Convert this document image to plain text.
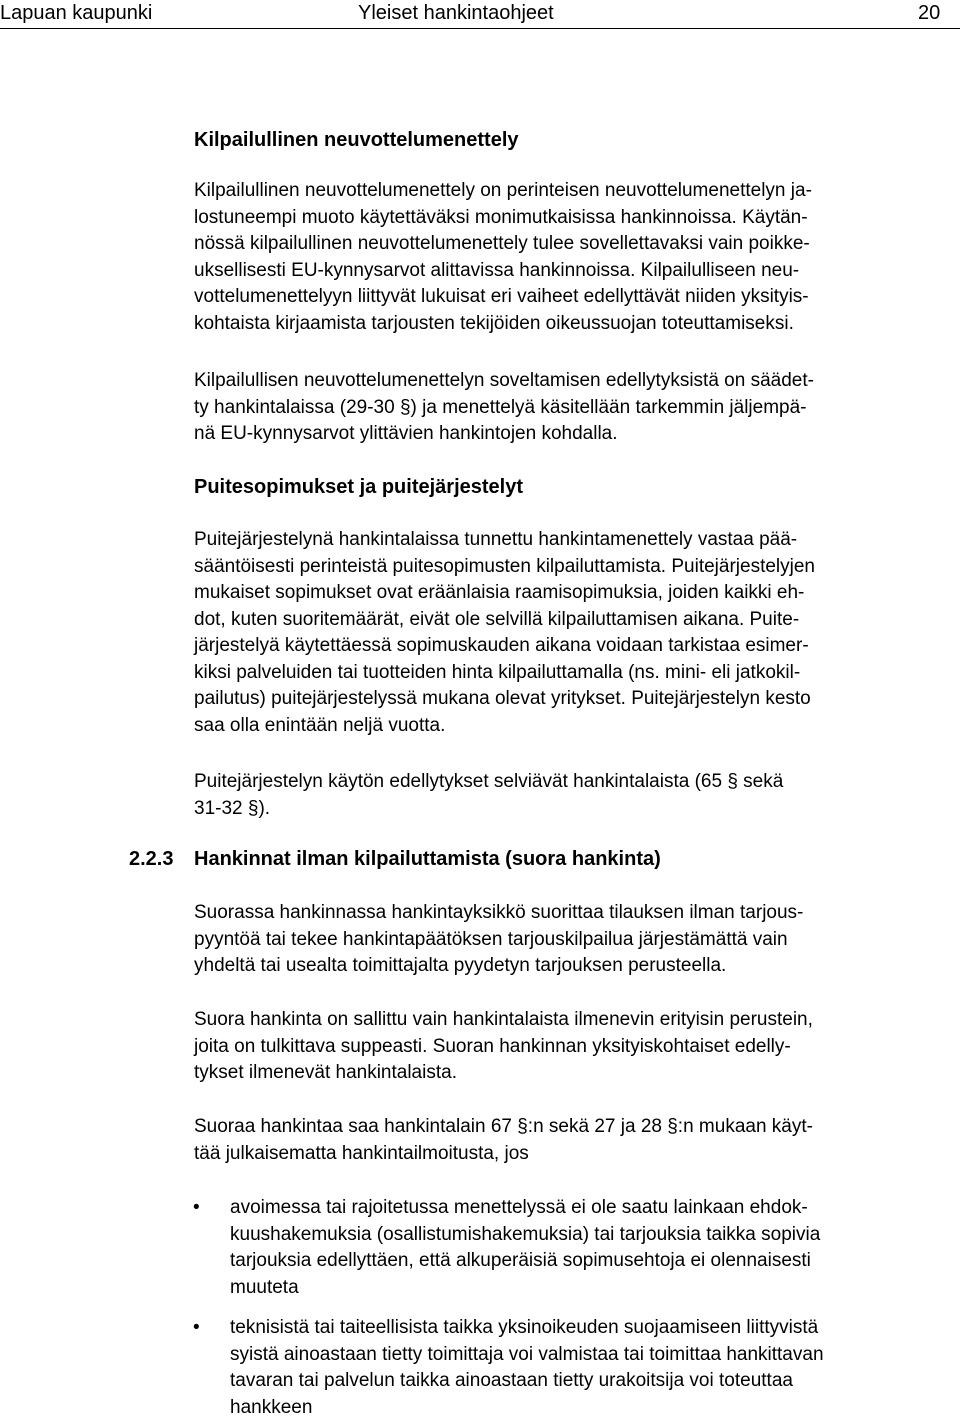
Lapuan kaupunki	Yleiset hankintaohjeet	20
Kilpailullinen neuvottelumenettely
Kilpailullinen neuvottelumenettely on perinteisen neuvottelumenettelyn ja-
lostuneempi muoto käytettäväksi monimutkaisissa hankinnoissa. Käytän-
nössä kilpailullinen neuvottelumenettely tulee sovellettavaksi vain poikke-
uksellisesti EU-kynnysarvot alittavissa hankinnoissa. Kilpailulliseen neu-
vottelumenettelyyn liittyvät lukuisat eri vaiheet edellyttävät niiden yksityis-
kohtaista kirjaamista tarjousten tekijöiden oikeussuojan toteuttamiseksi.
Kilpailullisen neuvottelumenettelyn soveltamisen edellytyksistä on säädet-
ty hankintalaissa (29-30 §) ja menettelyä käsitellään tarkemmin jäljempä-
nä EU-kynnysarvot ylittävien hankintojen kohdalla.
Puitesopimukset ja puitejärjestelyt
Puitejärjestelynä hankintalaissa tunnettu hankintamenettely vastaa pää-
sääntöisesti perinteistä puitesopimusten kilpailuttamista. Puitejärjestelyjen
mukaiset sopimukset ovat eräänlaisia raamisopimuksia, joiden kaikki eh-
dot, kuten suoritemäärät, eivät ole selvillä kilpailuttamisen aikana. Puite-
järjestelyä käytettäessä sopimuskauden aikana voidaan tarkistaa esimer-
kiksi palveluiden tai tuotteiden hinta kilpailuttamalla (ns. mini- eli jatkokil-
pailutus) puitejärjestelyssä mukana olevat yritykset. Puitejärjestelyn kesto
saa olla enintään neljä vuotta.
Puitejärjestelyn käytön edellytykset selviävät hankintalaista (65 § sekä
31-32 §).
2.2.3 Hankinnat ilman kilpailuttamista (suora hankinta)
Suorassa hankinnassa hankintayksikkö suorittaa tilauksen ilman tarjous-
pyyntöä tai tekee hankintapäätöksen tarjouskilpailua järjestämättä vain
yhdeltä tai usealta toimittajalta pyydetyn tarjouksen perusteella.
Suora hankinta on sallittu vain hankintalaista ilmenevin erityisin perustein,
joita on tulkittava suppeasti. Suoran hankinnan yksityiskohtaiset edelly-
tykset ilmenevät hankintalaista.
Suoraa hankintaa saa hankintalain 67 §:n sekä 27 ja 28 §:n mukaan käyt-
tää julkaisematta hankintailmoitusta, jos
• avoimessa tai rajoitetussa menettelyssä ei ole saatu lainkaan ehdok-
kuushakemuksia (osallistumishakemuksia) tai tarjouksia taikka sopivia
tarjouksia edellyttäen, että alkuperäisiä sopimusehtoja ei olennaisesti
muuteta
• teknisistä tai taiteellisista taikka yksinoikeuden suojaamiseen liittyvistä
syistä ainoastaan tietty toimittaja voi valmistaa tai toimittaa hankittavan
tavaran tai palvelun taikka ainoastaan tietty urakoitsija voi toteuttaa
hankkeen
